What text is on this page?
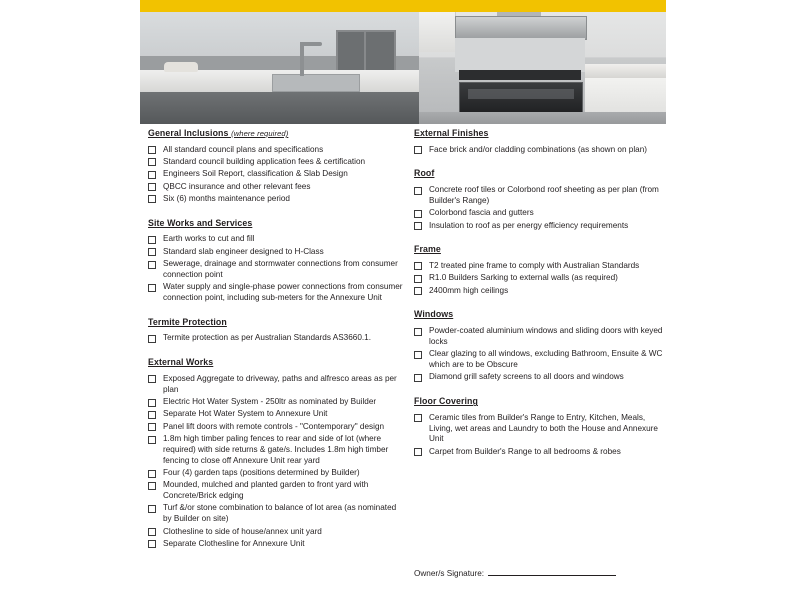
General Inclusions (where required)
All standard council plans and specifications
Standard council building application fees & certification
Engineers Soil Report, classification & Slab Design
QBCC insurance and other relevant fees
Six (6) months maintenance period
Site Works and Services
Earth works to cut and fill
Standard slab engineer designed to H-Class
Sewerage, drainage and stormwater connections from consumer connection point
Water supply and single-phase power connections from consumer connection point, including sub-meters for the Annexure Unit
Termite Protection
Termite protection as per Australian Standards AS3660.1.
External Works
Exposed Aggregate to driveway, paths and alfresco areas as per plan
Electric Hot Water System - 250ltr as nominated by Builder
Separate Hot Water System to Annexure Unit
Panel lift doors with remote controls - "Contemporary" design
1.8m high timber paling fences to rear and side of lot (where required) with side returns & gate/s. Includes 1.8m high timber fencing to close off Annexure Unit rear yard
Four (4) garden taps (positions determined by Builder)
Mounded, mulched and planted garden to front yard with Concrete/Brick edging
Turf &/or stone combination to balance of lot area (as nominated by Builder on site)
Clothesline to side of house/annex unit yard
Separate Clothesline for Annexure Unit
External Finishes
Face brick and/or cladding combinations (as shown on plan)
Roof
Concrete roof tiles or Colorbond roof sheeting as per plan (from Builder's Range)
Colorbond fascia and gutters
Insulation to roof as per energy efficiency requirements
Frame
T2 treated pine frame to comply with Australian Standards
R1.0 Builders Sarking to external walls (as required)
2400mm high ceilings
Windows
Powder-coated aluminium windows and sliding doors with keyed locks
Clear glazing to all windows, excluding Bathroom, Ensuite & WC which are to be Obscure
Diamond grill safety screens to all doors and windows
Floor Covering
Ceramic tiles from Builder's Range to Entry, Kitchen, Meals, Living, wet areas and Laundry to both the House and Annexure Unit
Carpet from Builder's Range to all bedrooms & robes
Owner/s Signature:
